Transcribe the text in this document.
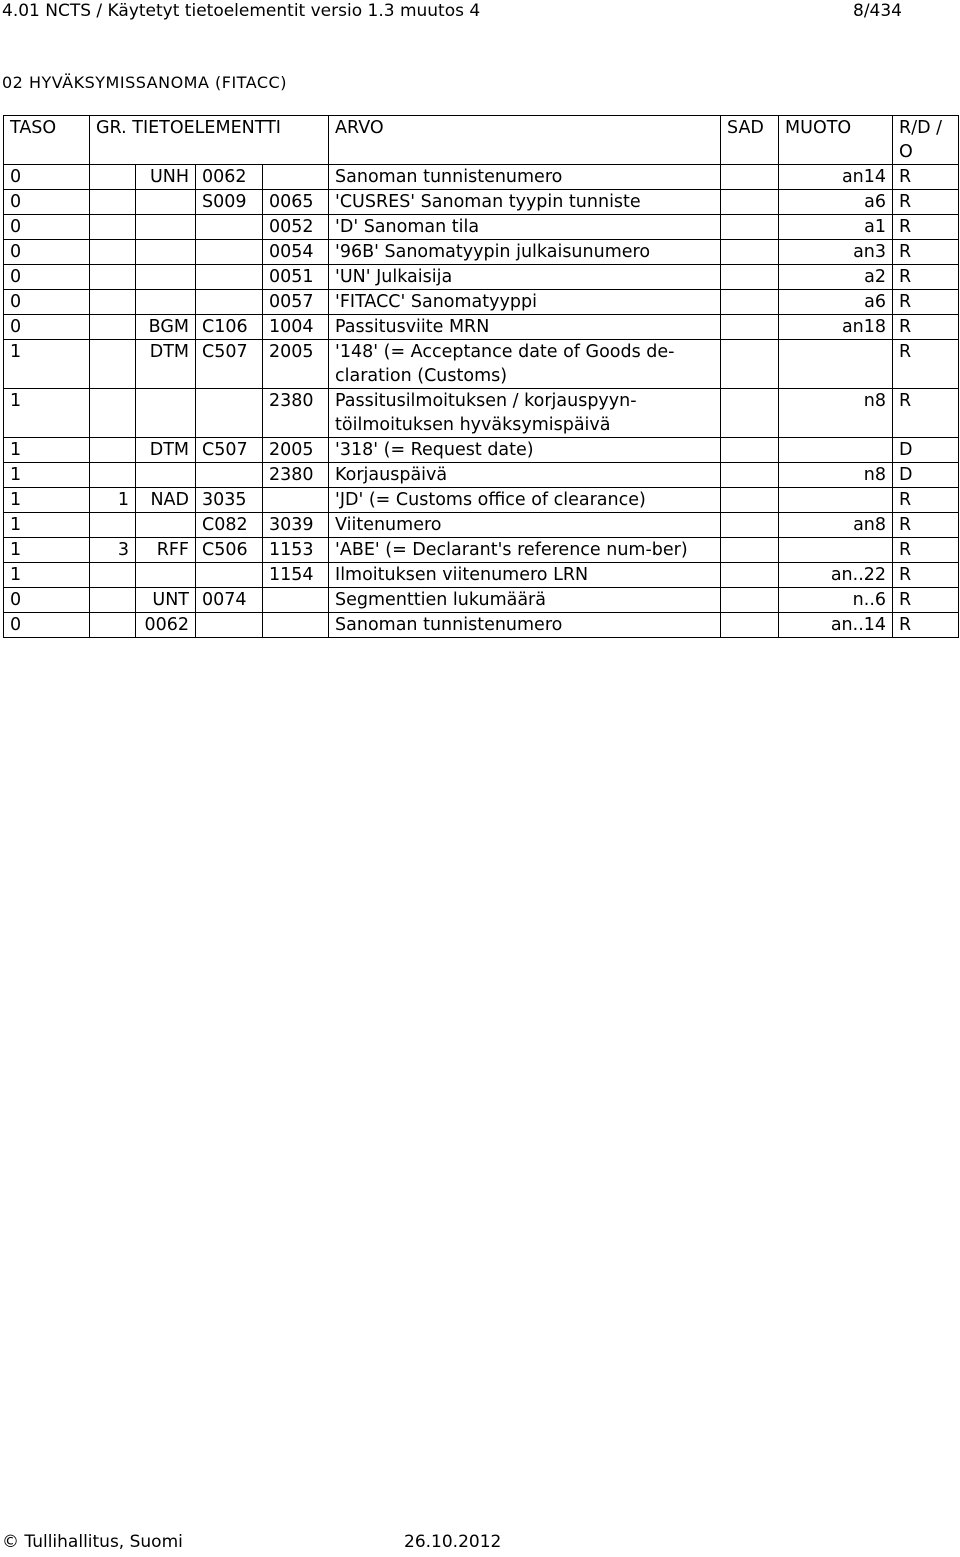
4.01 NCTS / Käytetyt tietoelementit versio 1.3 muutos 4	8/434
02 HYVÄKSYMISSANOMA (FITACC)
TASO	GR. TIETOELEMENTTI				ARVO	SAD	MUOTO	R/D /O
0		UNH	0062		Sanoman tunnistenumero		an14	R
0			S009	0065	'CUSRES' Sanoman tyypin tunniste		a6	R
0				0052	'D' Sanoman tila		a1	R
0				0054	'96B' Sanomatyypin julkaisunumero		an3	R
0				0051	'UN' Julkaisija		a2	R
0				0057	'FITACC' Sanomatyyppi		a6	R
0		BGM	C106	1004	Passitusviite MRN		an18	R
1		DTM	C507	2005	'148' (= Acceptance date of Goods de-claration (Customs)			R
1				2380	Passitusilmoituksen / korjauspyyn-töilmoituksen hyväksymispäivä		n8	R
1		DTM	C507	2005	'318' (= Request date)			D
1				2380	Korjauspäivä		n8	D
1	1	NAD	3035		'JD' (= Customs office of clearance)			R
1			C082	3039	Viitenumero		an8	R
1	3	RFF	C506	1153	'ABE' (= Declarant's reference num-ber)			R
1				1154	Ilmoituksen viitenumero LRN		an..22	R
0		UNT	0074		Segmenttien lukumäärä		n..6	R
0		0062			Sanoman tunnistenumero		an..14	R
© Tullihallitus, Suomi	26.10.2012
